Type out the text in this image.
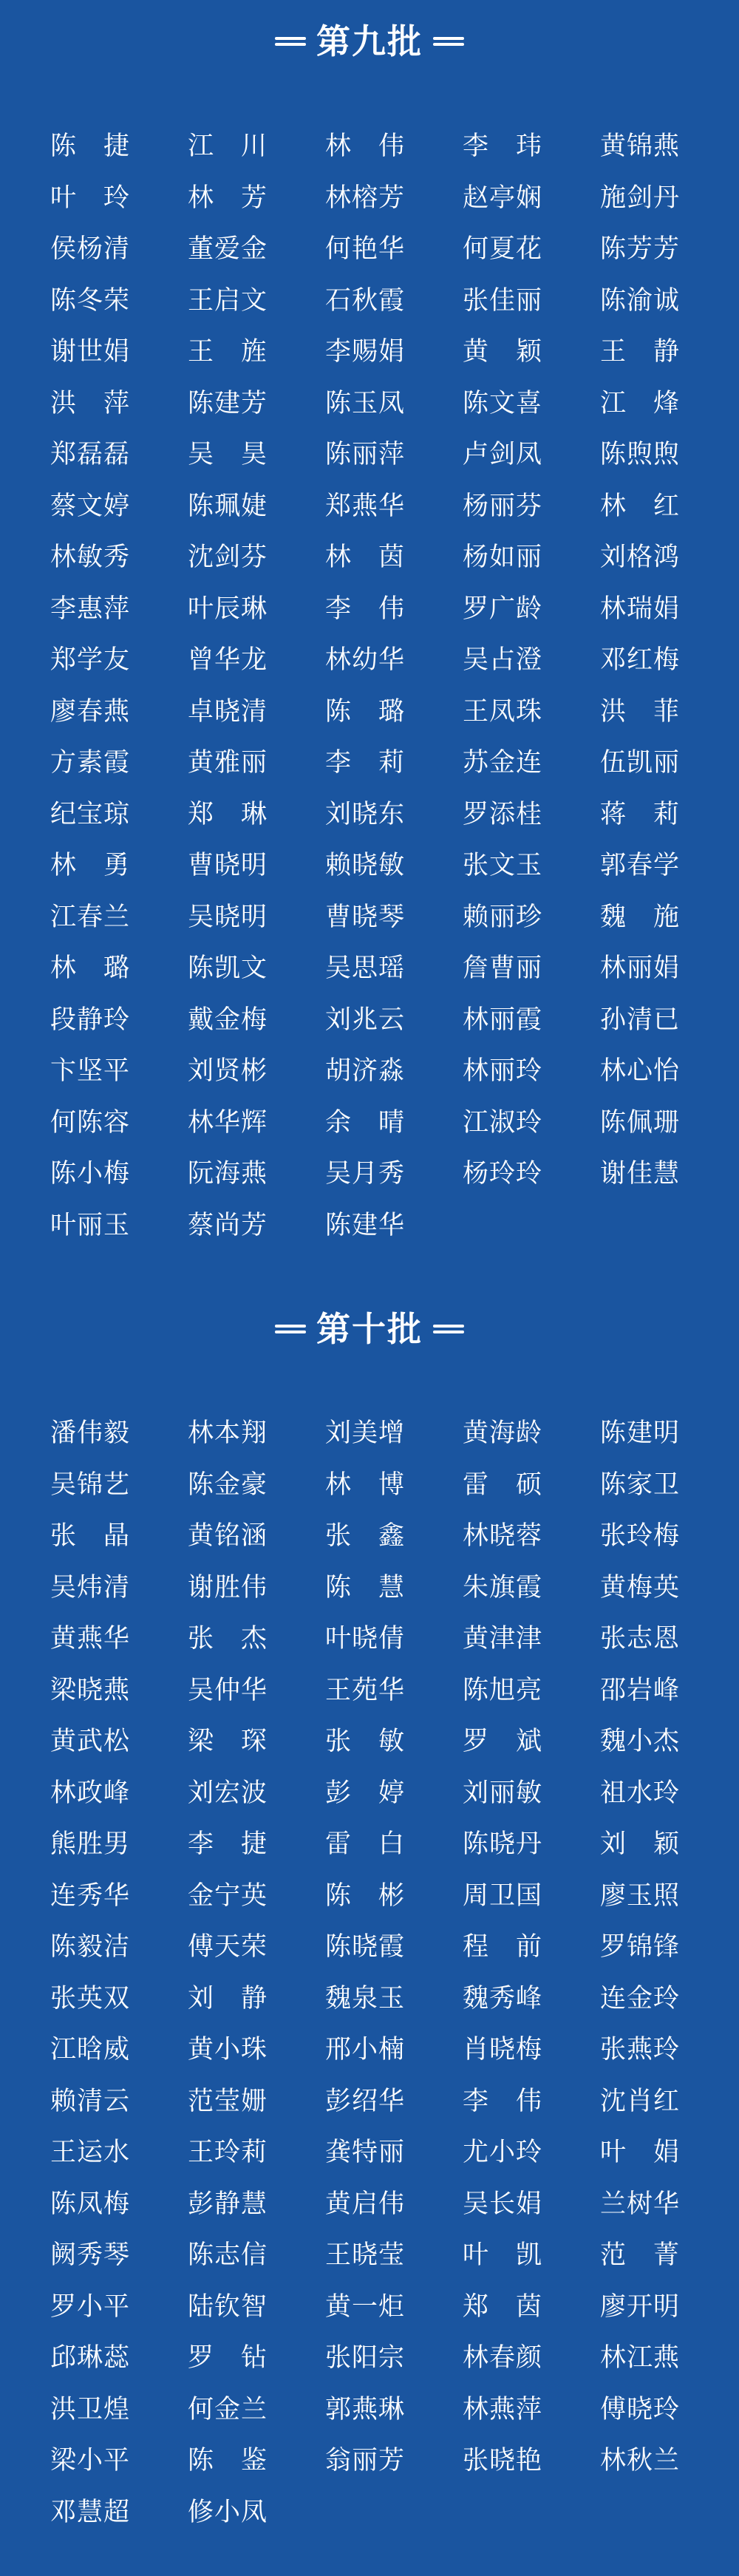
第九批
陈　捷	江　川	林　伟	李　玮	黄锦燕
叶　玲	林　芳	林榕芳	赵亭娴	施剑丹
侯杨清	董爱金	何艳华	何夏花	陈芳芳
陈冬荣	王启文	石秋霞	张佳丽	陈渝诚
谢世娟	王　旌	李赐娟	黄　颖	王　静
洪　萍	陈建芳	陈玉凤	陈文喜	江　烽
郑磊磊	吴　昊	陈丽萍	卢剑凤	陈煦煦
蔡文婷	陈珮婕	郑燕华	杨丽芬	林　红
林敏秀	沈剑芬	林　茵	杨如丽	刘格鸿
李惠萍	叶辰琳	李　伟	罗广龄	林瑞娟
郑学友	曾华龙	林幼华	吴占澄	邓红梅
廖春燕	卓晓清	陈　璐	王凤珠	洪　菲
方素霞	黄雅丽	李　莉	苏金连	伍凯丽
纪宝琼	郑　琳	刘晓东	罗添桂	蒋　莉
林　勇	曹晓明	赖晓敏	张文玉	郭春学
江春兰	吴晓明	曹晓琴	赖丽珍	魏　施
林　璐	陈凯文	吴思瑶	詹曹丽	林丽娟
段静玲	戴金梅	刘兆云	林丽霞	孙清已
卞坚平	刘贤彬	胡济淼	林丽玲	林心怡
何陈容	林华辉	余　晴	江淑玲	陈佩珊
陈小梅	阮海燕	吴月秀	杨玲玲	谢佳慧
叶丽玉	蔡尚芳	陈建华
第十批
潘伟毅	林本翔	刘美增	黄海龄	陈建明
吴锦艺	陈金豪	林　博	雷　硕	陈家卫
张　晶	黄铭涵	张　鑫	林晓蓉	张玲梅
吴炜清	谢胜伟	陈　慧	朱旗霞	黄梅英
黄燕华	张　杰	叶晓倩	黄津津	张志恩
梁晓燕	吴仲华	王苑华	陈旭亮	邵岩峰
黄武松	梁　琛	张　敏	罗　斌	魏小杰
林政峰	刘宏波	彭　婷	刘丽敏	祖水玲
熊胜男	李　捷	雷　白	陈晓丹	刘　颖
连秀华	金宁英	陈　彬	周卫国	廖玉照
陈毅洁	傅天荣	陈晓霞	程　前	罗锦锋
张英双	刘　静	魏泉玉	魏秀峰	连金玲
江晗威	黄小珠	邢小楠	肖晓梅	张燕玲
赖清云	范莹姗	彭绍华	李　伟	沈肖红
王运水	王玲莉	龚特丽	尤小玲	叶　娟
陈凤梅	彭静慧	黄启伟	吴长娟	兰树华
阙秀琴	陈志信	王晓莹	叶　凯	范　菁
罗小平	陆钦智	黄一炬	郑　茵	廖开明
邱琳蕊	罗　钻	张阳宗	林春颜	林江燕
洪卫煌	何金兰	郭燕琳	林燕萍	傅晓玲
梁小平	陈　鉴	翁丽芳	张晓艳	林秋兰
邓慧超	修小凤
